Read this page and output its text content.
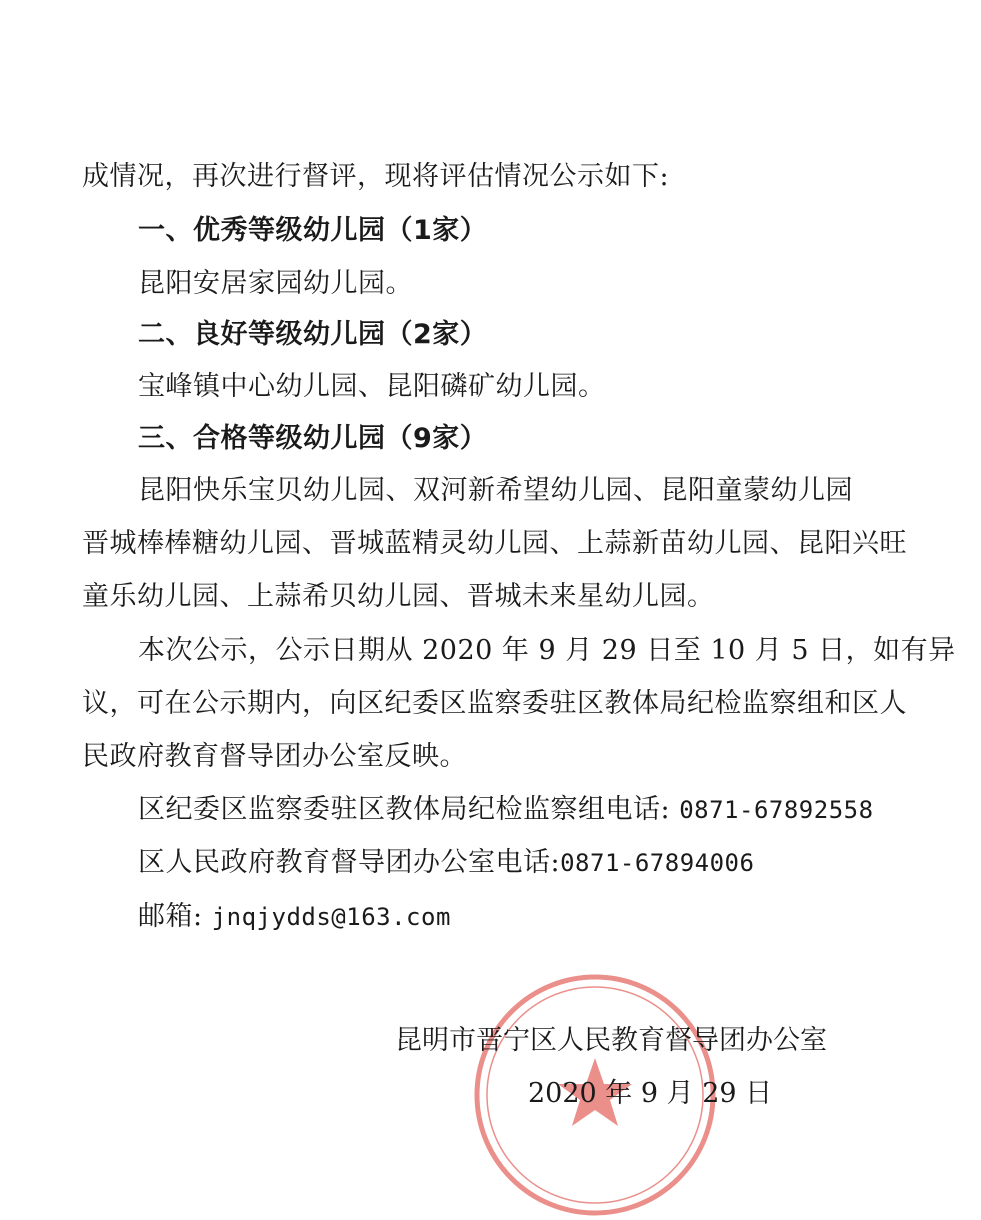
成情况，再次进行督评，现将评估情况公示如下:
一、优秀等级幼儿园（1家）
昆阳安居家园幼儿园。
二、良好等级幼儿园（2家）
宝峰镇中心幼儿园、昆阳磷矿幼儿园。
三、合格等级幼儿园（9家）
昆阳快乐宝贝幼儿园、双河新希望幼儿园、昆阳童蒙幼儿园
晋城棒棒糖幼儿园、晋城蓝精灵幼儿园、上蒜新苗幼儿园、昆阳兴旺
童乐幼儿园、上蒜希贝幼儿园、晋城未来星幼儿园。
本次公示，公示日期从 2020 年 9 月 29 日至 10 月 5 日，如有异
议，可在公示期内，向区纪委区监察委驻区教体局纪检监察组和区人
民政府教育督导团办公室反映。
区纪委区监察委驻区教体局纪检监察组电话: 0871-67892558
区人民政府教育督导团办公室电话:0871-67894006
邮箱: jnqjydds@163.com
昆明市晋宁区人民教育督导团办公室
2020 年 9 月 29 日
